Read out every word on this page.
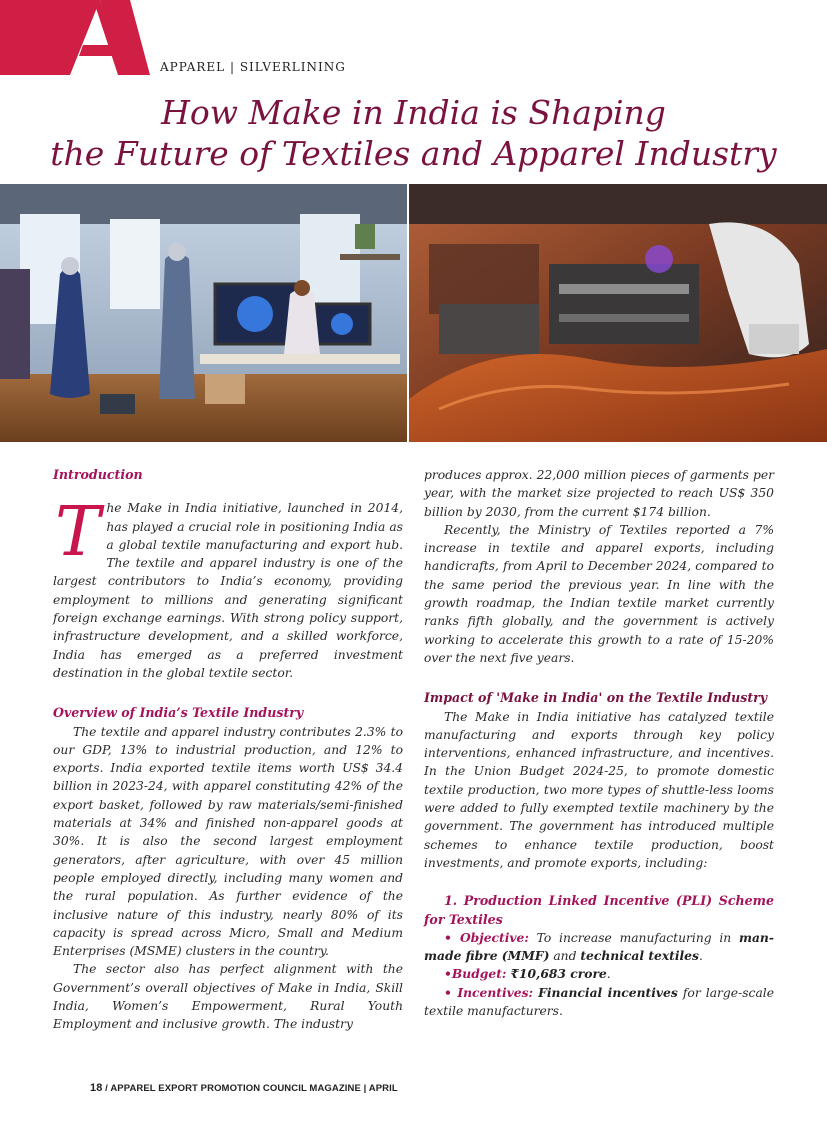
APPAREL | SILVERLINING
How Make in India is Shaping
the Future of Textiles and Apparel Industry

Introduction

The Make in India initiative, launched in 2014, has played a crucial role in positioning India as a global textile manufacturing and export hub. The textile and apparel industry is one of the largest contributors to India’s economy, providing employment to millions and generating significant foreign exchange earnings. With strong policy support, infrastructure development, and a skilled workforce, India has emerged as a preferred investment destination in the global textile sector.

Overview of India’s Textile Industry

The textile and apparel industry contributes 2.3% to our GDP, 13% to industrial production, and 12% to exports. India exported textile items worth US$ 34.4 billion in 2023-24, with apparel constituting 42% of the export basket, followed by raw materials/semi-finished materials at 34% and finished non-apparel goods at 30%. It is also the second largest employment generators, after agriculture, with over 45 million people employed directly, including many women and the rural population. As further evidence of the inclusive nature of this industry, nearly 80% of its capacity is spread across Micro, Small and Medium Enterprises (MSME) clusters in the country.

The sector also has perfect alignment with the Government’s overall objectives of Make in India, Skill India, Women’s Empowerment, Rural Youth Employment and inclusive growth. The industry

produces approx. 22,000 million pieces of garments per year, with the market size projected to reach US$ 350 billion by 2030, from the current $174 billion.

Recently, the Ministry of Textiles reported a 7% increase in textile and apparel exports, including handicrafts, from April to December 2024, compared to the same period the previous year. In line with the growth roadmap, the Indian textile market currently ranks fifth globally, and the government is actively working to accelerate this growth to a rate of 15-20% over the next five years.

Impact of 'Make in India' on the Textile Industry

The Make in India initiative has catalyzed textile manufacturing and exports through key policy interventions, enhanced infrastructure, and incentives. In the Union Budget 2024-25, to promote domestic textile production, two more types of shuttle-less looms were added to fully exempted textile machinery by the government. The government has introduced multiple schemes to enhance textile production, boost investments, and promote exports, including:

1. Production Linked Incentive (PLI) Scheme for Textiles

• Objective: To increase manufacturing in man-made fibre (MMF) and technical textiles.

•Budget: ₹10,683 crore.

• Incentives: Financial incentives for large-scale textile manufacturers.

18 / APPAREL EXPORT PROMOTION COUNCIL MAGAZINE | APRIL
